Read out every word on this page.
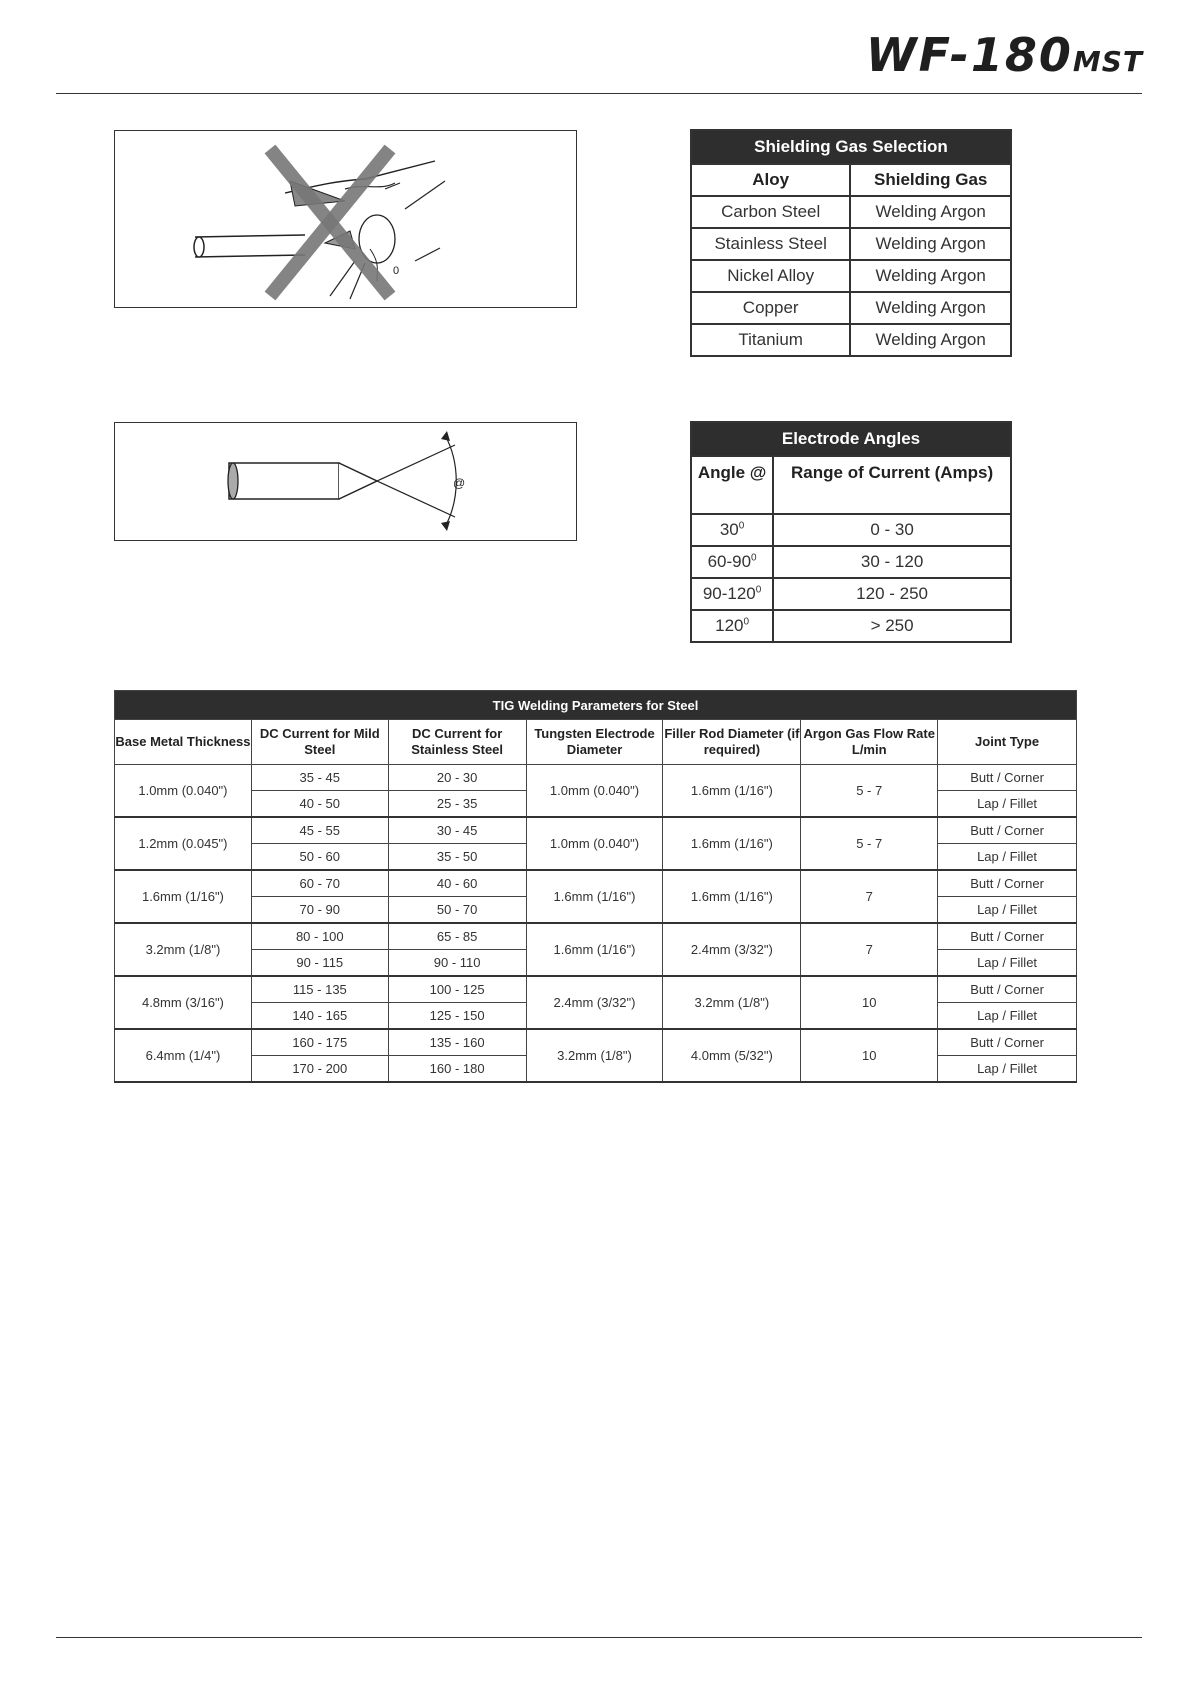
WF-180MST
0
Shielding Gas Selection	
Aloy	Shielding Gas
Carbon Steel	Welding Argon
Stainless Steel	Welding Argon
Nickel Alloy	Welding Argon
Copper	Welding Argon
Titanium	Welding Argon
@
Electrode Angles	
Angle @	Range of Current (Amps)
$30^0$	0 - 30
$60-90^0$	30 - 120
$90-120^0$	120 - 250
$120^0$	> 250
TIG Welding Parameters for Steel						
Base Metal Thickness	DC Current for Mild Steel	DC Current for Stainless Steel	Tungsten Electrode Diameter	Filler Rod Diameter (if required)	Argon Gas Flow Rate L/min	Joint Type
1.0mm (0.040")	35 - 45	20 - 30	1.0mm (0.040")	1.6mm (1/16")	5 - 7	Butt / Corner
	40 - 50	25 - 35				Lap / Fillet
1.2mm (0.045")	45 - 55	30 - 45	1.0mm (0.040")	1.6mm (1/16")	5 - 7	Butt / Corner
	50 - 60	35 - 50				Lap / Fillet
1.6mm (1/16")	60 - 70	40 - 60	1.6mm (1/16")	1.6mm (1/16")	7	Butt / Corner
	70 - 90	50 - 70				Lap / Fillet
3.2mm (1/8")	80 - 100	65 - 85	1.6mm (1/16")	2.4mm (3/32")	7	Butt / Corner
	90 - 115	90 - 110				Lap / Fillet
4.8mm (3/16")	115 - 135	100 - 125	2.4mm (3/32")	3.2mm (1/8")	10	Butt / Corner
	140 - 165	125 - 150				Lap / Fillet
6.4mm (1/4")	160 - 175	135 - 160	3.2mm (1/8")	4.0mm (5/32")	10	Butt / Corner
	170 - 200	160 - 180				Lap / Fillet
